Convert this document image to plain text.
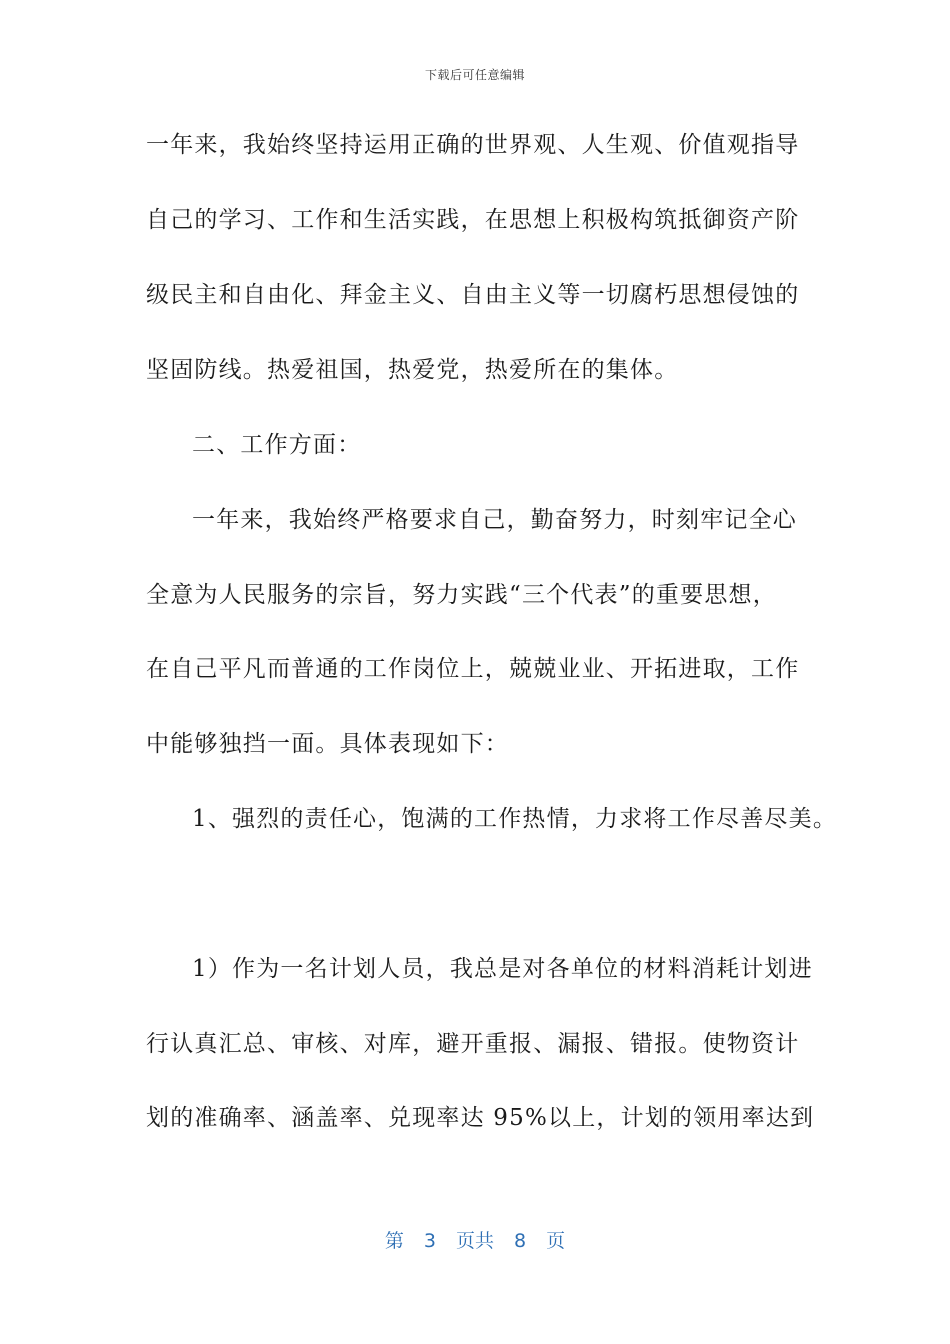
下载后可任意编辑
一年来，我始终坚持运用正确的世界观、人生观、价值观指导
自己的学习、工作和生活实践，在思想上积极构筑抵御资产阶
级民主和自由化、拜金主义、自由主义等一切腐朽思想侵蚀的
坚固防线。热爱祖国，热爱党，热爱所在的集体。
二、工作方面：
一年来，我始终严格要求自己，勤奋努力，时刻牢记全心
全意为人民服务的宗旨，努力实践“三个代表”的重要思想，
在自己平凡而普通的工作岗位上，兢兢业业、开拓进取，工作
中能够独挡一面。具体表现如下：
1、强烈的责任心，饱满的工作热情，力求将工作尽善尽美。
1）作为一名计划人员，我总是对各单位的材料消耗计划进
行认真汇总、审核、对库，避开重报、漏报、错报。使物资计
划的准确率、涵盖率、兑现率达 95%以上，计划的领用率达到
第 3 页共 8 页
